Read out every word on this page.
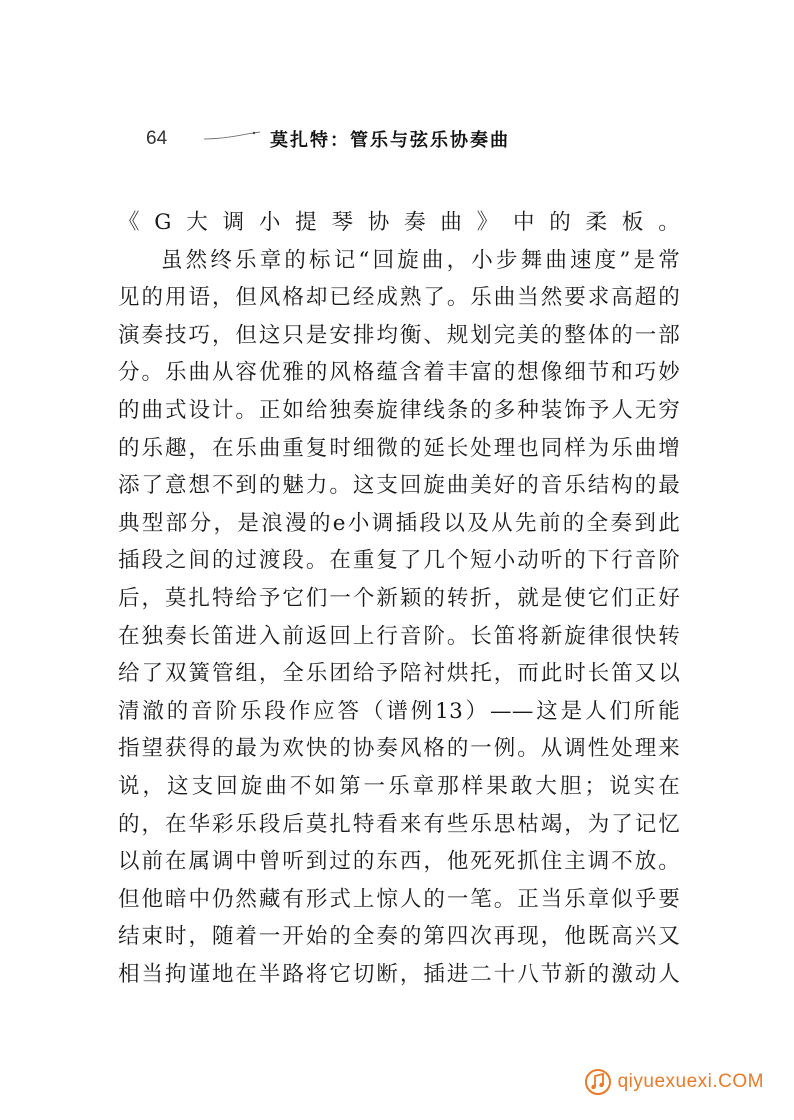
64	莫扎特：管乐与弦乐协奏曲
《G大调小提琴协奏曲》中的柔板。
虽然终乐章的标记“回旋曲，小步舞曲速度”是常
见的用语，但风格却已经成熟了。乐曲当然要求高超的
演奏技巧，但这只是安排均衡、规划完美的整体的一部
分。乐曲从容优雅的风格蕴含着丰富的想像细节和巧妙
的曲式设计。正如给独奏旋律线条的多种装饰予人无穷
的乐趣，在乐曲重复时细微的延长处理也同样为乐曲增
添了意想不到的魅力。这支回旋曲美好的音乐结构的最
典型部分，是浪漫的e小调插段以及从先前的全奏到此
插段之间的过渡段。在重复了几个短小动听的下行音阶
后，莫扎特给予它们一个新颖的转折，就是使它们正好
在独奏长笛进入前返回上行音阶。长笛将新旋律很快转
给了双簧管组，全乐团给予陪衬烘托，而此时长笛又以
清澈的音阶乐段作应答（谱例13）——这是人们所能
指望获得的最为欢快的协奏风格的一例。从调性处理来
说，这支回旋曲不如第一乐章那样果敢大胆；说实在
的，在华彩乐段后莫扎特看来有些乐思枯竭，为了记忆
以前在属调中曾听到过的东西，他死死抓住主调不放。
但他暗中仍然藏有形式上惊人的一笔。正当乐章似乎要
结束时，随着一开始的全奏的第四次再现，他既高兴又
相当拘谨地在半路将它切断，插进二十八节新的激动人
qiyuexuexi.COM
